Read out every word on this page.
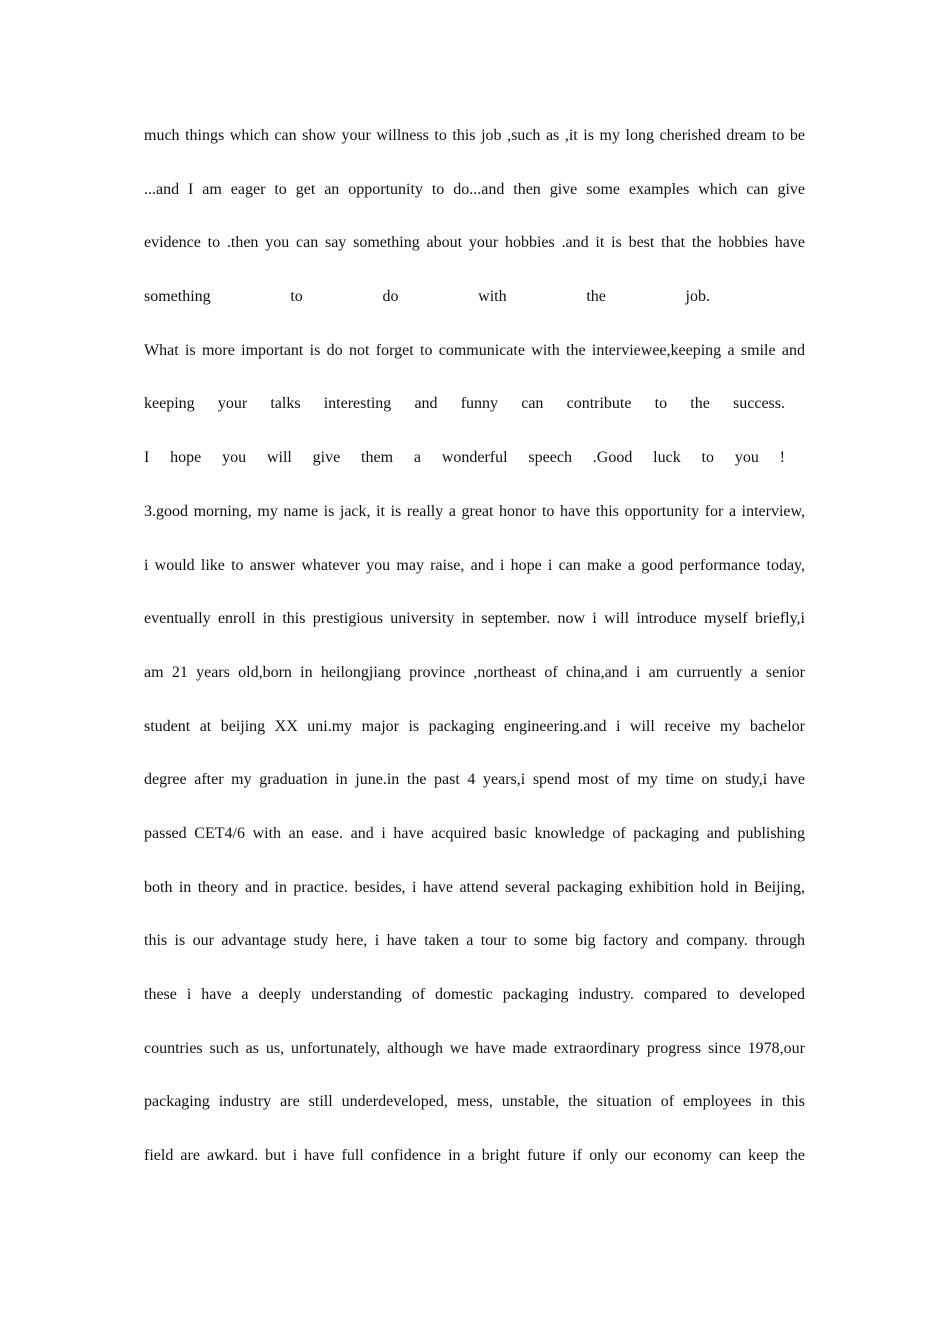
much things which can show your willness to this job ,such as ,it is my long cherished dream to be
...and I am eager to get an opportunity to do...and then give some examples which can give
evidence to .then you can say something about your hobbies .and it is best that the hobbies have
something to do with the job.
What is more important is do not forget to communicate with the interviewee,keeping a smile and
keeping your talks interesting and funny can contribute to the success.
I hope you will give them a wonderful speech .Good luck to you !
3.good morning, my name is jack, it is really a great honor to have this opportunity for a interview,
i would like to answer whatever you may raise, and i hope i can make a good performance today,
eventually enroll in this prestigious university in september. now i will introduce myself briefly,i
am 21 years old,born in heilongjiang province ,northeast of china,and i am curruently a senior
student at beijing XX uni.my major is packaging engineering.and i will receive my bachelor
degree after my graduation in june.in the past 4 years,i spend most of my time on study,i have
passed CET4/6 with an ease. and i have acquired basic knowledge of packaging and publishing
both in theory and in practice. besides, i have attend several packaging exhibition hold in Beijing,
this is our advantage study here, i have taken a tour to some big factory and company. through
these i have a deeply understanding of domestic packaging industry. compared to developed
countries such as us, unfortunately, although we have made extraordinary progress since 1978,our
packaging industry are still underdeveloped, mess, unstable, the situation of employees in this
field are awkard. but i have full confidence in a bright future if only our economy can keep the
